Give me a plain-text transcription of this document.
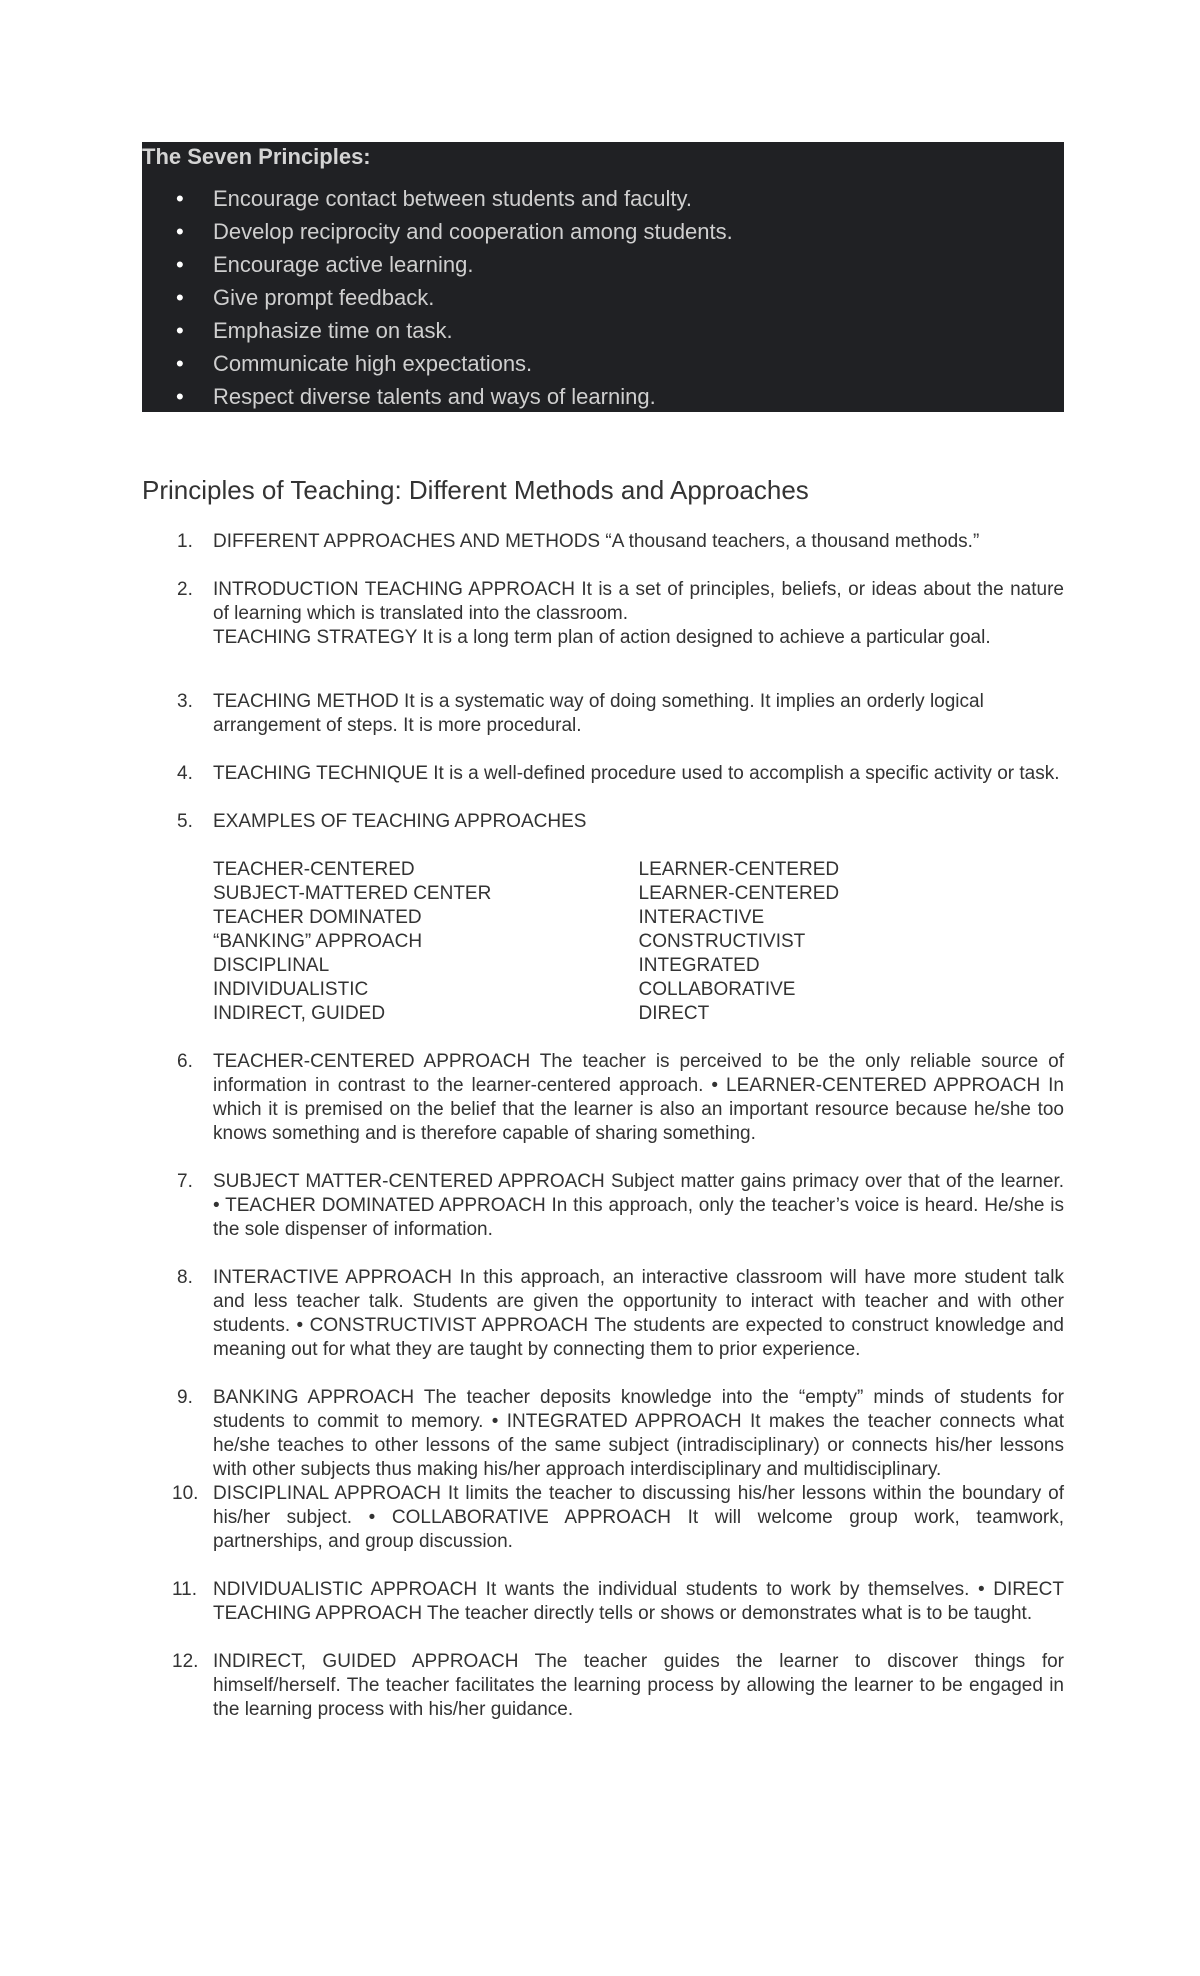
The Seven Principles:
• Encourage contact between students and faculty.
• Develop reciprocity and cooperation among students.
• Encourage active learning.
• Give prompt feedback.
• Emphasize time on task.
• Communicate high expectations.
• Respect diverse talents and ways of learning.
Principles of Teaching: Different Methods and Approaches
1. DIFFERENT APPROACHES AND METHODS “A thousand teachers, a thousand methods.”
2. INTRODUCTION TEACHING APPROACH It is a set of principles, beliefs, or ideas about the nature of learning which is translated into the classroom.
TEACHING STRATEGY It is a long term plan of action designed to achieve a particular goal.
3. TEACHING METHOD It is a systematic way of doing something. It implies an orderly logical arrangement of steps. It is more procedural.
4. TEACHING TECHNIQUE It is a well-defined procedure used to accomplish a specific activity or task.
5. EXAMPLES OF TEACHING APPROACHES
TEACHER-CENTERED
SUBJECT-MATTERED CENTER
TEACHER DOMINATED
“BANKING” APPROACH
DISCIPLINAL
INDIVIDUALISTIC
INDIRECT, GUIDED
LEARNER-CENTERED
LEARNER-CENTERED
INTERACTIVE
CONSTRUCTIVIST
INTEGRATED
COLLABORATIVE
DIRECT
6. TEACHER-CENTERED APPROACH The teacher is perceived to be the only reliable source of information in contrast to the learner-centered approach. • LEARNER-CENTERED APPROACH In which it is premised on the belief that the learner is also an important resource because he/she too knows something and is therefore capable of sharing something.
7. SUBJECT MATTER-CENTERED APPROACH Subject matter gains primacy over that of the learner. • TEACHER DOMINATED APPROACH In this approach, only the teacher’s voice is heard. He/she is the sole dispenser of information.
8. INTERACTIVE APPROACH In this approach, an interactive classroom will have more student talk and less teacher talk. Students are given the opportunity to interact with teacher and with other students. • CONSTRUCTIVIST APPROACH The students are expected to construct knowledge and meaning out for what they are taught by connecting them to prior experience.
9. BANKING APPROACH The teacher deposits knowledge into the “empty” minds of students for students to commit to memory. • INTEGRATED APPROACH It makes the teacher connects what he/she teaches to other lessons of the same subject (intradisciplinary) or connects his/her lessons with other subjects thus making his/her approach interdisciplinary and multidisciplinary.
10. DISCIPLINAL APPROACH It limits the teacher to discussing his/her lessons within the boundary of his/her subject. • COLLABORATIVE APPROACH It will welcome group work, teamwork, partnerships, and group discussion.
11. NDIVIDUALISTIC APPROACH It wants the individual students to work by themselves. • DIRECT TEACHING APPROACH The teacher directly tells or shows or demonstrates what is to be taught.
12. INDIRECT, GUIDED APPROACH The teacher guides the learner to discover things for himself/herself. The teacher facilitates the learning process by allowing the learner to be engaged in the learning process with his/her guidance.
